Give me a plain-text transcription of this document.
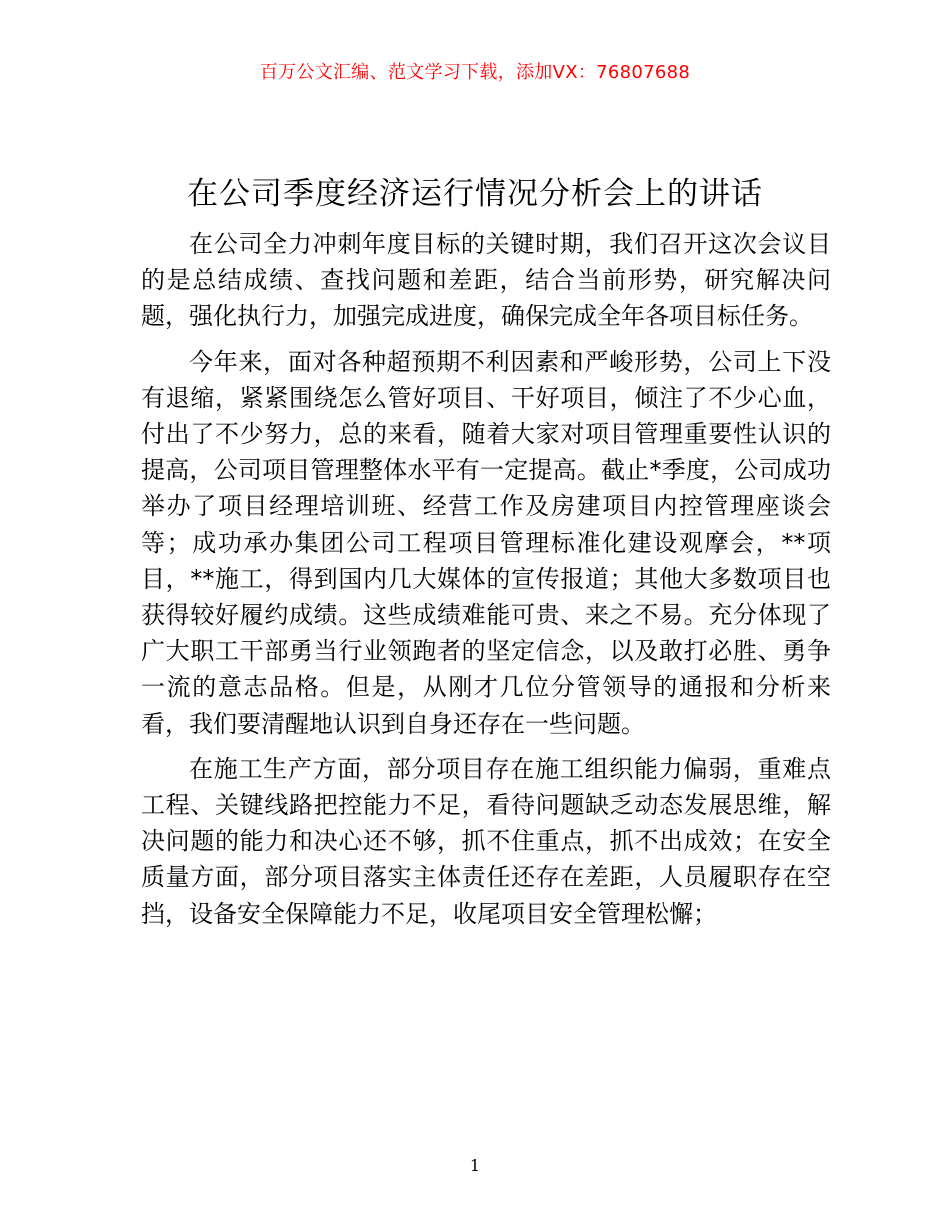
百万公文汇编、范文学习下载，添加VX：76807688
在公司季度经济运行情况分析会上的讲话

在公司全力冲刺年度目标的关键时期，我们召开这次会议目的是总结成绩、查找问题和差距，结合当前形势，研究解决问题，强化执行力，加强完成进度，确保完成全年各项目标任务。

今年来，面对各种超预期不利因素和严峻形势，公司上下没有退缩，紧紧围绕怎么管好项目、干好项目，倾注了不少心血，付出了不少努力，总的来看，随着大家对项目管理重要性认识的提高，公司项目管理整体水平有一定提高。截止*季度，公司成功举办了项目经理培训班、经营工作及房建项目内控管理座谈会等；成功承办集团公司工程项目管理标准化建设观摩会，**项目，**施工，得到国内几大媒体的宣传报道；其他大多数项目也获得较好履约成绩。这些成绩难能可贵、来之不易。充分体现了广大职工干部勇当行业领跑者的坚定信念，以及敢打必胜、勇争一流的意志品格。但是，从刚才几位分管领导的通报和分析来看，我们要清醒地认识到自身还存在一些问题。

在施工生产方面，部分项目存在施工组织能力偏弱，重难点工程、关键线路把控能力不足，看待问题缺乏动态发展思维，解决问题的能力和决心还不够，抓不住重点，抓不出成效；在安全质量方面，部分项目落实主体责任还存在差距，人员履职存在空挡，设备安全保障能力不足，收尾项目安全管理松懈；

1
